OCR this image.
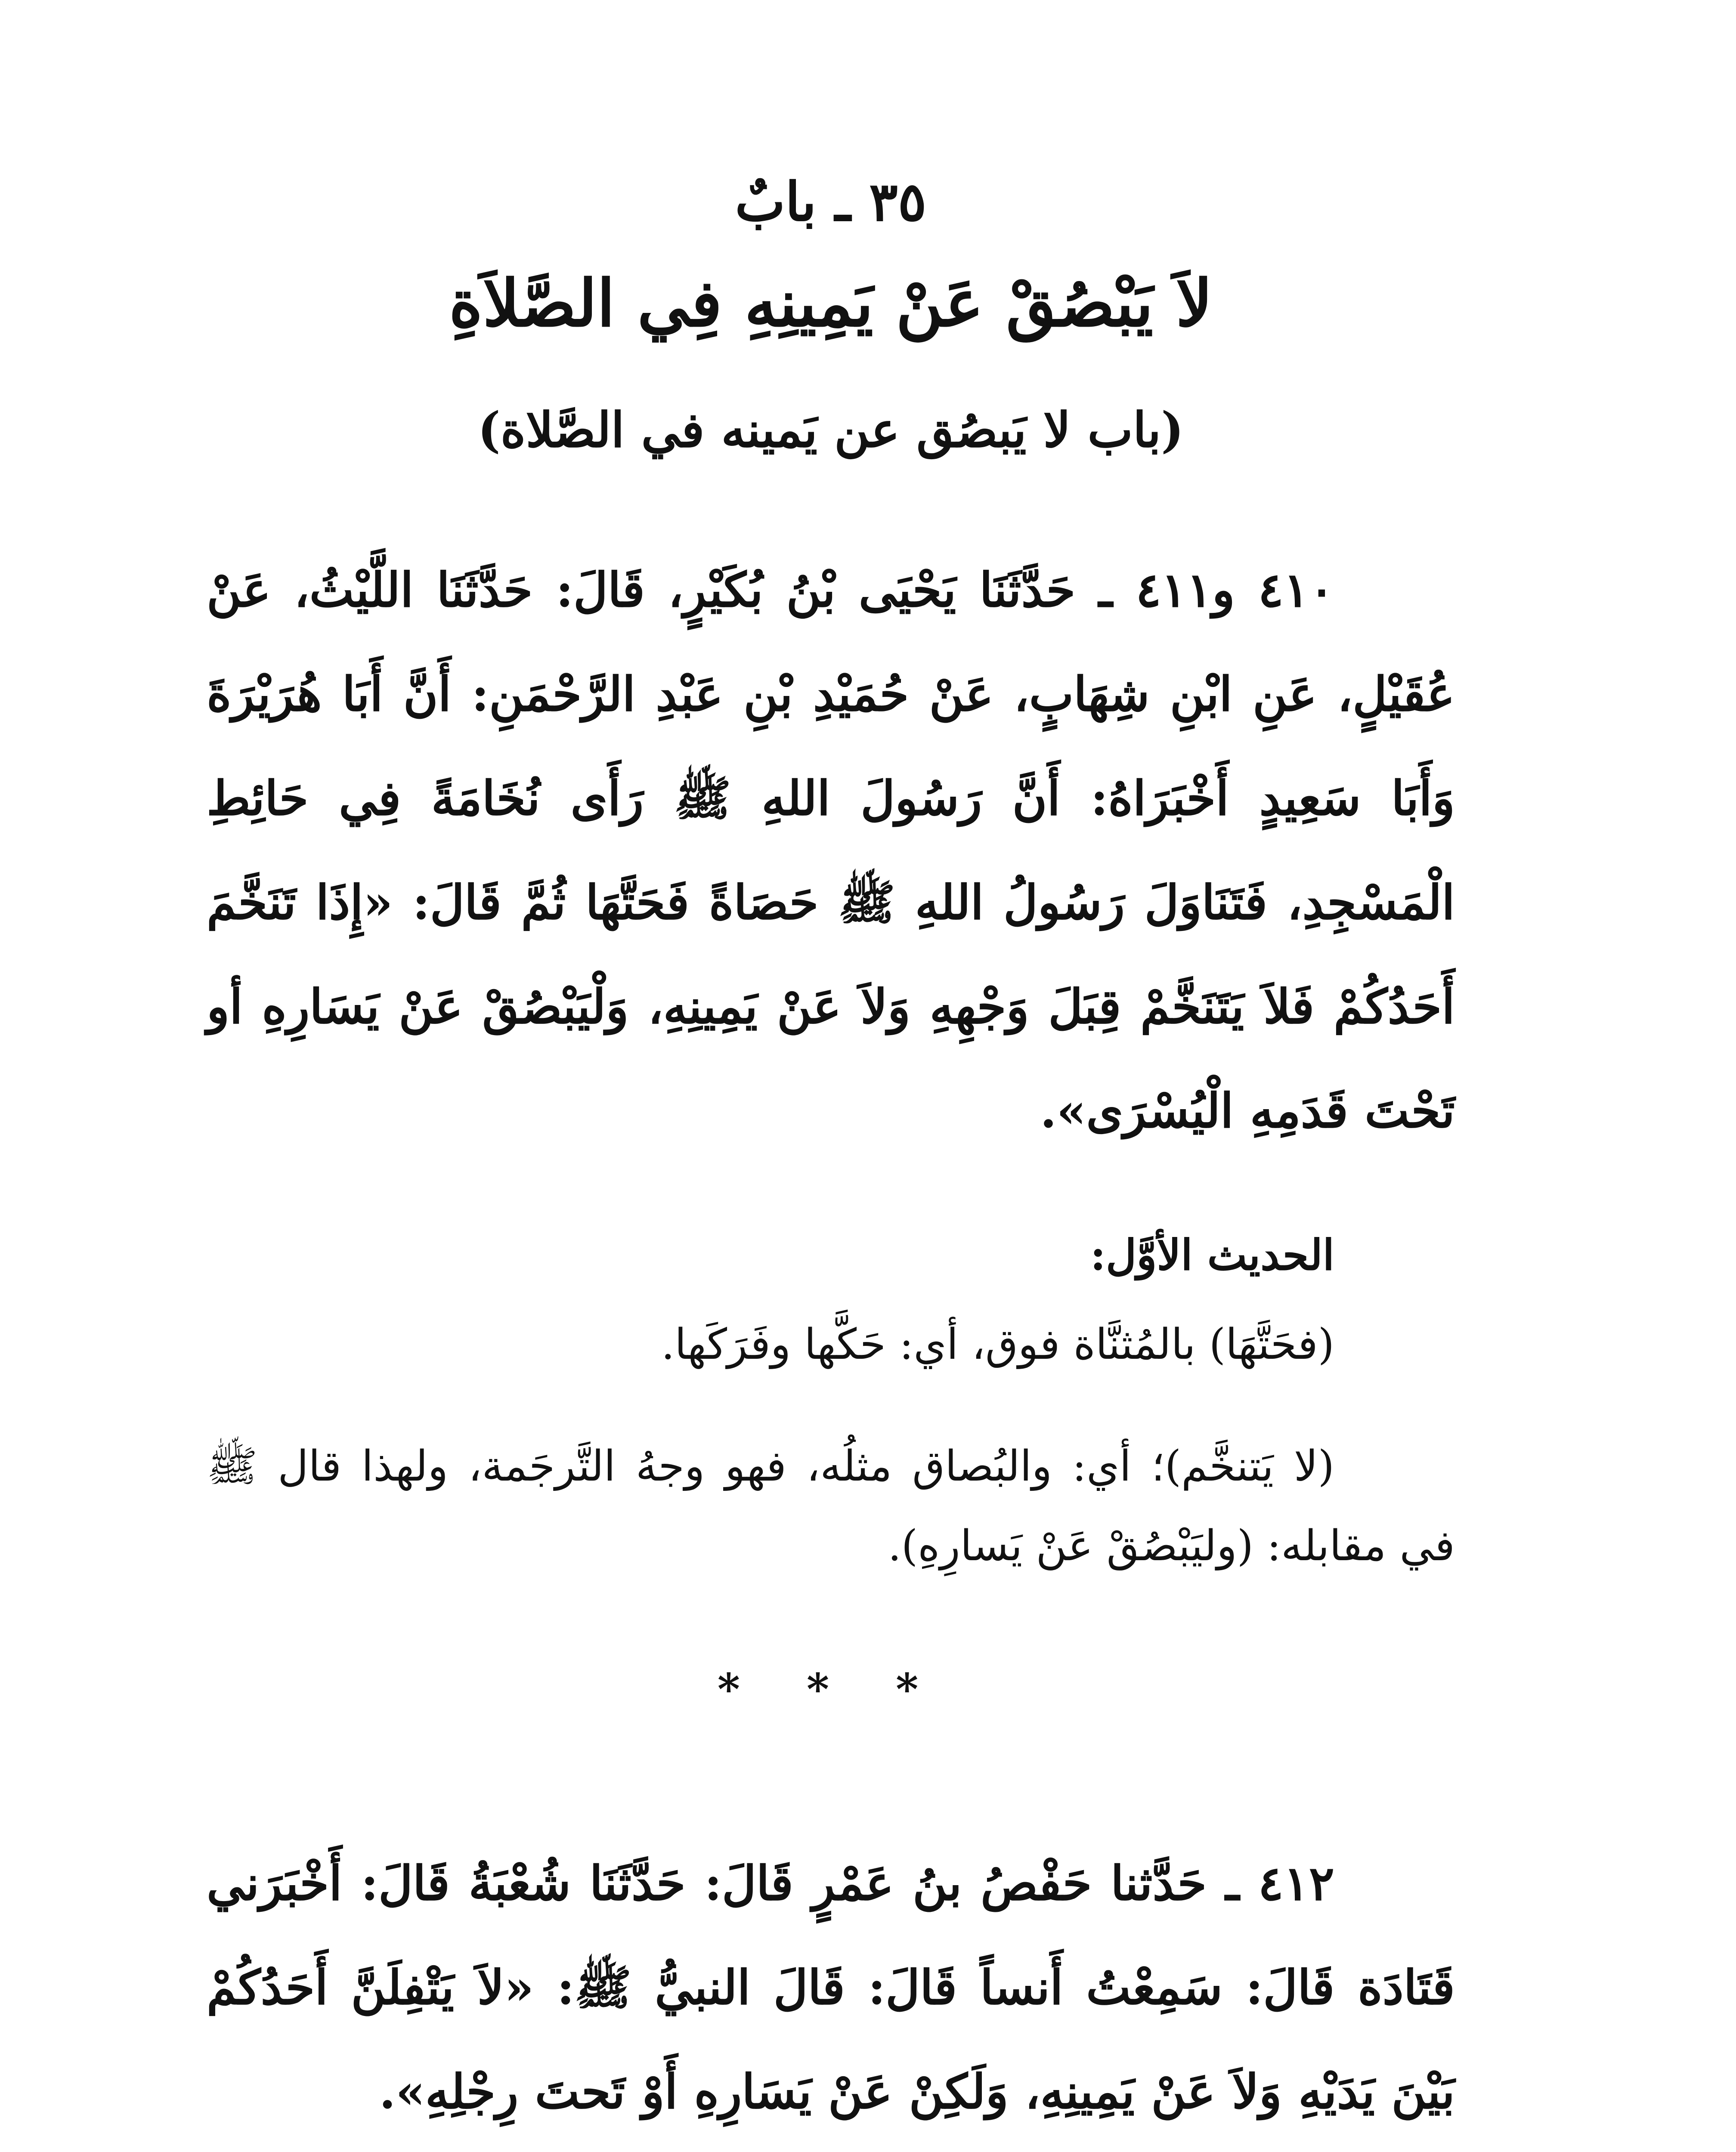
٣٥ ـ بابٌ
لاَ يَبْصُقْ عَنْ يَمِينِهِ فِي الصَّلاَةِ
(باب لا يَبصُق عن يَمينه في الصَّلاة)

٤١٠ و٤١١ ـ حَدَّثَنَا يَحْيَى بْنُ بُكَيْرٍ، قَالَ: حَدَّثَنَا اللَّيْثُ، عَنْ عُقَيْلٍ، عَنِ ابْنِ شِهَابٍ، عَنْ حُمَيْدِ بْنِ عَبْدِ الرَّحْمَنِ: أَنَّ أَبَا هُرَيْرَةَ وَأَبَا سَعِيدٍ أَخْبَرَاهُ: أَنَّ رَسُولَ اللهِ ﷺ رَأَى نُخَامَةً فِي حَائِطِ الْمَسْجِدِ، فَتَنَاوَلَ رَسُولُ اللهِ ﷺ حَصَاةً فَحَتَّهَا ثُمَّ قَالَ: «إِذَا تَنَخَّمَ أَحَدُكُمْ فَلاَ يَتَنَخَّمْ قِبَلَ وَجْهِهِ وَلاَ عَنْ يَمِينِهِ، وَلْيَبْصُقْ عَنْ يَسَارِهِ أو تَحْتَ قَدَمِهِ الْيُسْرَى».

الحديث الأوَّل:

(فحَتَّهَا) بالمُثنَّاة فوق، أي: حَكَّها وفَرَكَها.

(لا يَتنخَّم)؛ أي: والبُصاق مثلُه، فهو وجهُ التَّرجَمة، ولهذا قال ﷺ في مقابله: (وليَبْصُقْ عَنْ يَسارِهِ).

* * *

٤١٢ ـ حَدَّثنا حَفْصُ بنُ عَمْرٍ قَالَ: حَدَّثَنَا شُعْبَةُ قَالَ: أَخْبَرَني قَتَادَة قَالَ: سَمِعْتُ أَنساً قَالَ: قَالَ النبيُّ ﷺ: «لاَ يَتْفِلَنَّ أَحَدُكُمْ بَيْنَ يَدَيْهِ وَلاَ عَنْ يَمِينِهِ، وَلَكِنْ عَنْ يَسَارِهِ أَوْ تَحتَ رِجْلِهِ».
